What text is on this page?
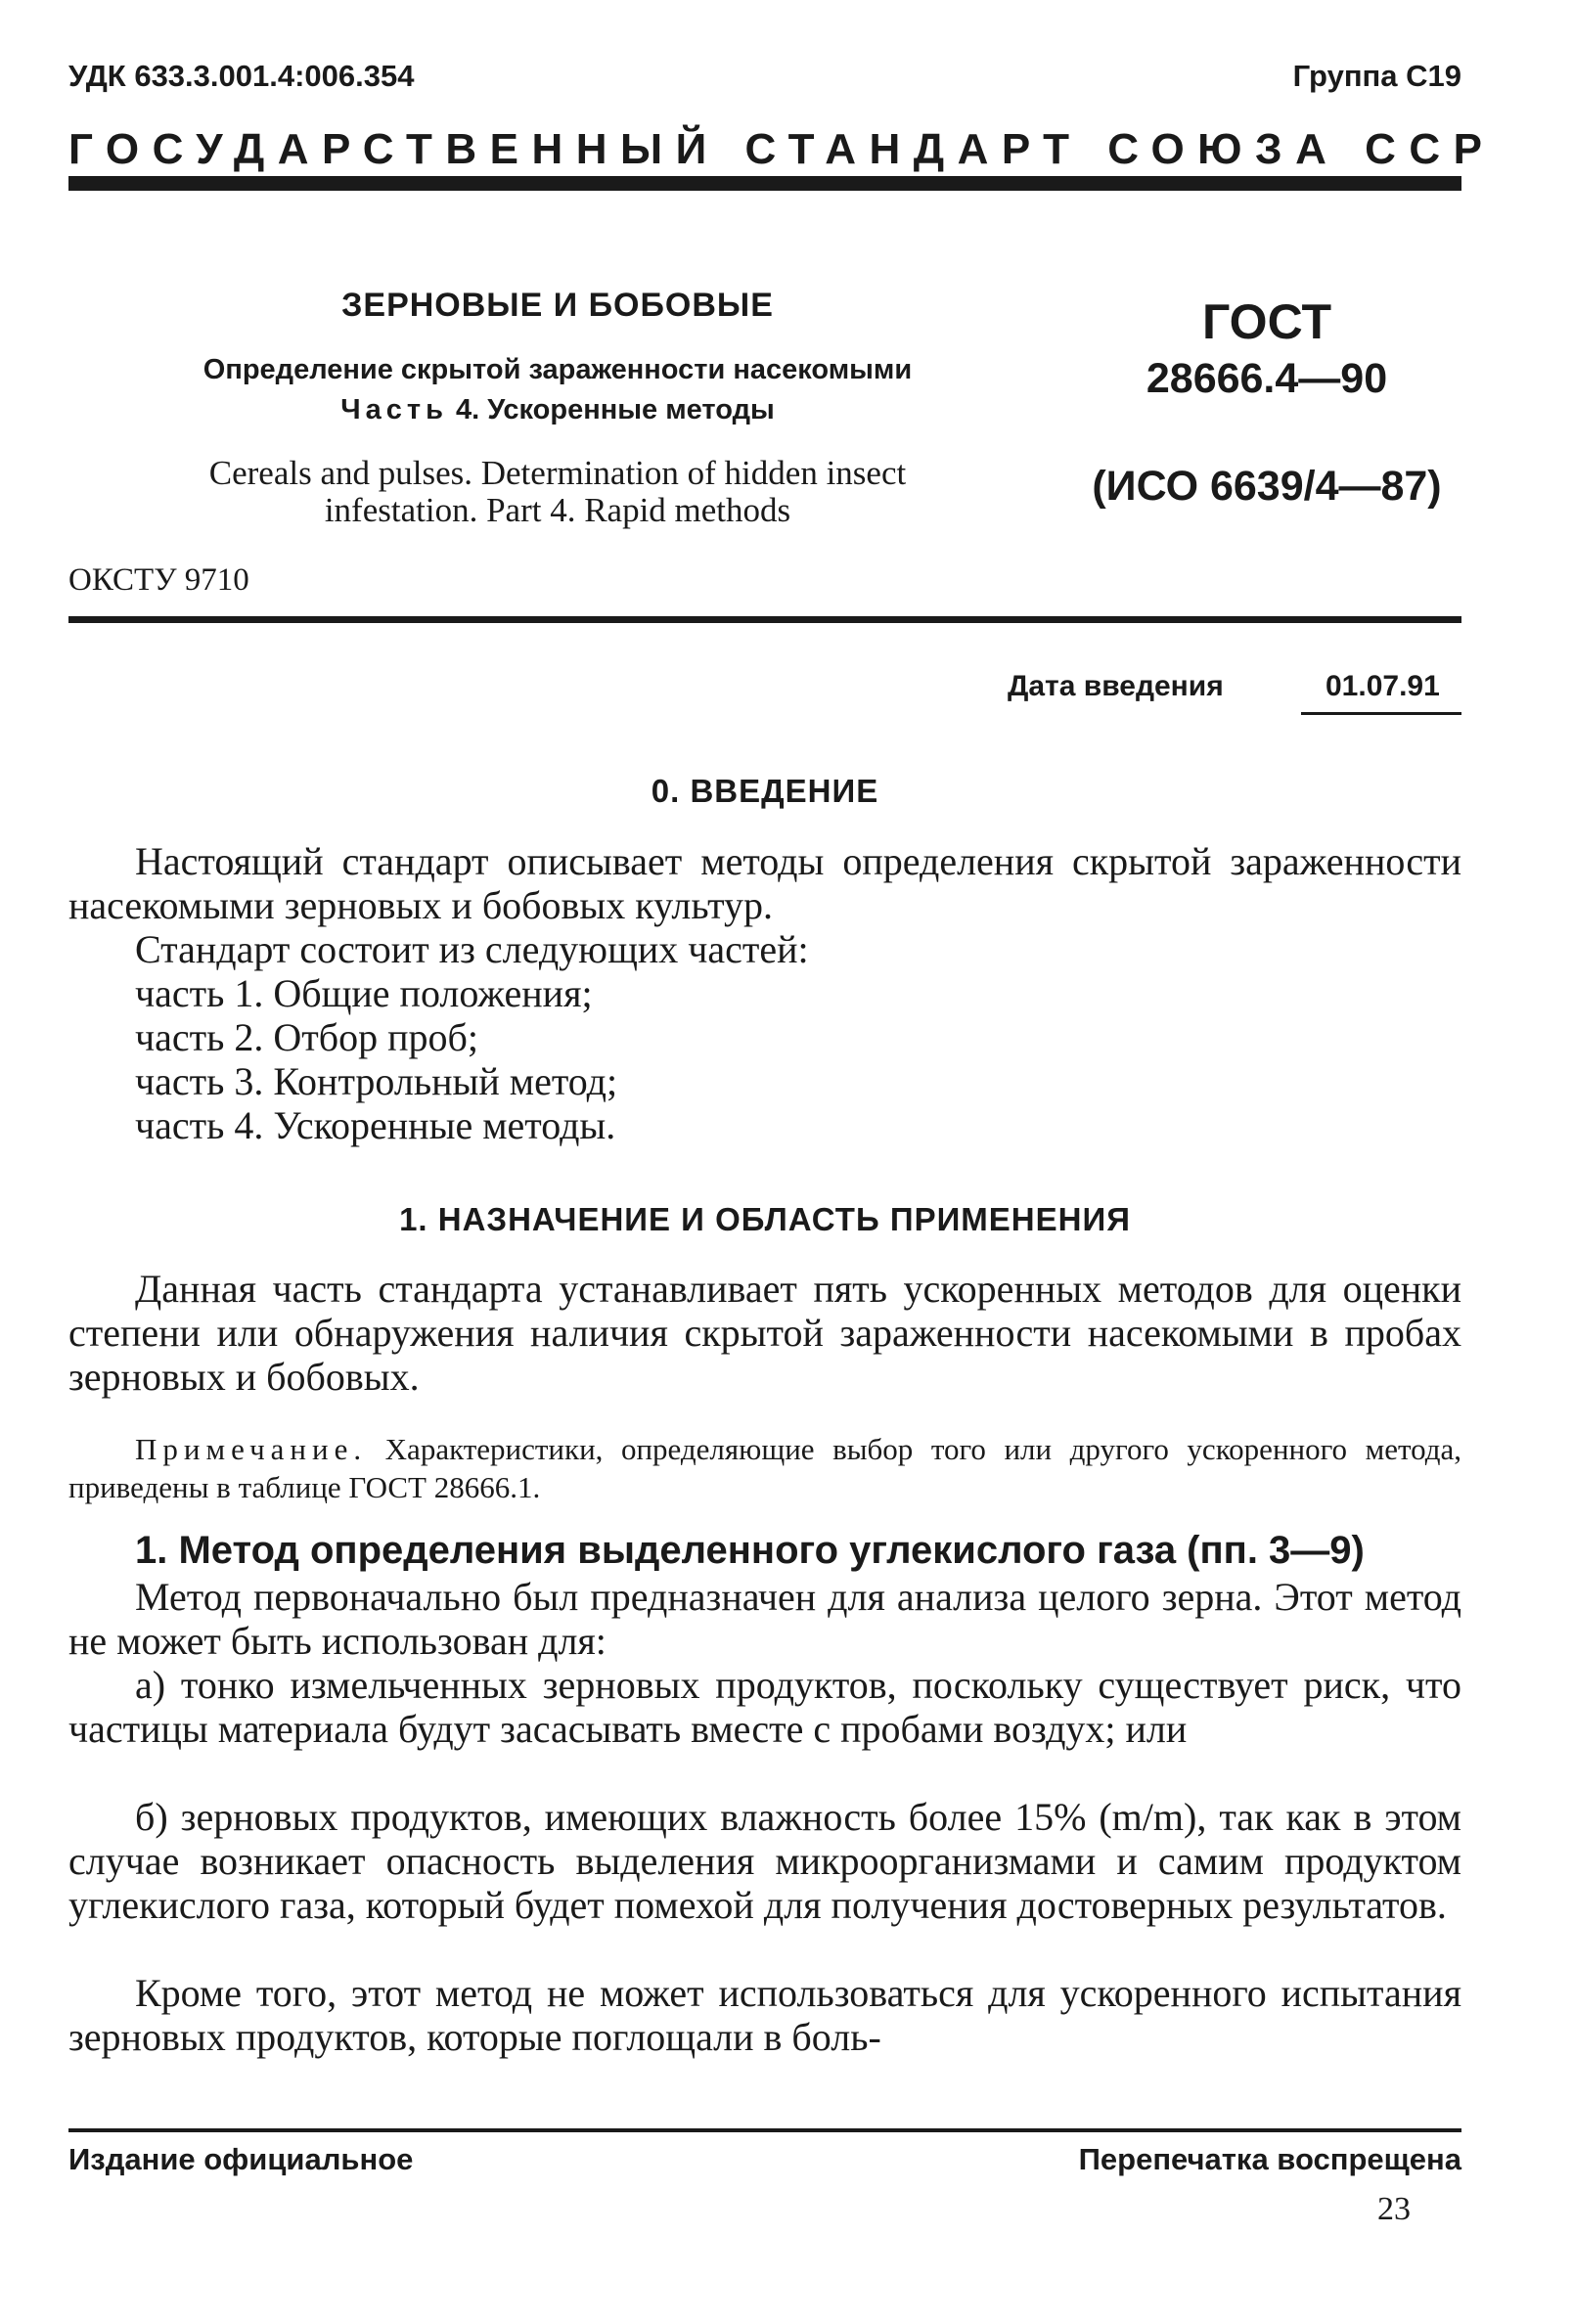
УДК 633.3.001.4:006.354	Группа С19
ГОСУДАРСТВЕННЫЙ СТАНДАРТ СОЮЗА ССР
ЗЕРНОВЫЕ И БОБОВЫЕ
Определение скрытой зараженности насекомыми
Часть 4. Ускоренные методы
Cereals and pulses. Determination of hidden insect
infestation. Part 4. Rapid methods
ГОСТ
28666.4—90
(ИСО 6639/4—87)
ОКСТУ 9710
Дата введения	01.07.91
0. ВВЕДЕНИЕ
Настоящий стандарт описывает методы определения скрытой зараженности насекомыми зерновых и бобовых культур.
Стандарт состоит из следующих частей:
часть 1. Общие положения;
часть 2. Отбор проб;
часть 3. Контрольный метод;
часть 4. Ускоренные методы.
1. НАЗНАЧЕНИЕ И ОБЛАСТЬ ПРИМЕНЕНИЯ
Данная часть стандарта устанавливает пять ускоренных методов для оценки степени или обнаружения наличия скрытой зараженности насекомыми в пробах зерновых и бобовых.
Примечание. Характеристики, определяющие выбор того или другого ускоренного метода, приведены в таблице ГОСТ 28666.1.
1. Метод определения выделенного углекислого газа (пп. 3—9)
Метод первоначально был предназначен для анализа целого зерна. Этот метод не может быть использован для:
а) тонко измельченных зерновых продуктов, поскольку существует риск, что частицы материала будут засасывать вместе с пробами воздух; или
б) зерновых продуктов, имеющих влажность более 15% (m/m), так как в этом случае возникает опасность выделения микроорганизмами и самим продуктом углекислого газа, который будет помехой для получения достоверных результатов.
Кроме того, этот метод не может использоваться для ускоренного испытания зерновых продуктов, которые поглощали в боль-
Издание официальное	Перепечатка воспрещена
23
